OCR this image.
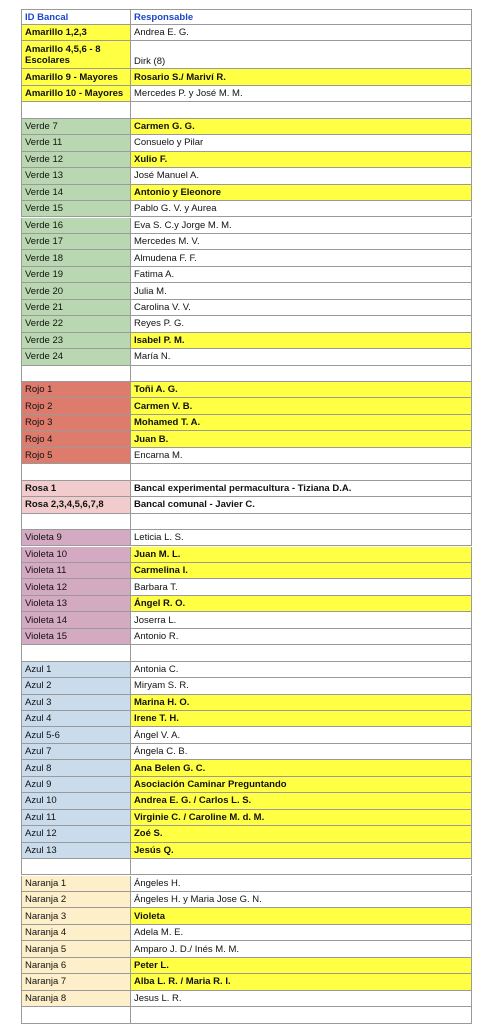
ID Bancal	Responsable
Amarillo 1,2,3	Andrea E. G.
Amarillo 4,5,6 - 8 Escolares	Dirk (8)
Amarillo 9 - Mayores	Rosario S./ Mariví R.
Amarillo 10 - Mayores	Mercedes P. y José M. M.
Verde 7	Carmen G. G.
Verde 11	Consuelo y Pilar
Verde 12	Xulio F.
Verde 13	José Manuel A.
Verde 14	Antonio y Eleonore
Verde 15	Pablo G. V. y Aurea
Verde 16	Eva S. C.y Jorge M. M.
Verde 17	Mercedes M. V.
Verde 18	Almudena F. F.
Verde 19	Fatima A.
Verde 20	Julia M.
Verde 21	Carolina V. V.
Verde 22	Reyes P. G.
Verde 23	Isabel P. M.
Verde 24	María N.
Rojo 1	Toñi A. G.
Rojo 2	Carmen V. B.
Rojo 3	Mohamed T. A.
Rojo 4	Juan B.
Rojo 5	Encarna M.
Rosa 1	Bancal experimental permacultura - Tiziana D.A.
Rosa 2,3,4,5,6,7,8	Bancal comunal - Javier C.
Violeta 9	Leticia L. S.
Violeta 10	Juan M. L.
Violeta 11	Carmelina I.
Violeta 12	Barbara T.
Violeta 13	Ángel R. O.
Violeta 14	Joserra L.
Violeta 15	Antonio R.
Azul 1	Antonia C.
Azul 2	Miryam S. R.
Azul 3	Marina H. O.
Azul 4	Irene T. H.
Azul 5-6	Ángel V. A.
Azul 7	Ángela C. B.
Azul 8	Ana Belen G. C.
Azul 9	Asociación Caminar Preguntando
Azul 10	Andrea E. G. / Carlos L. S.
Azul 11	Virginie C. / Caroline M. d. M.
Azul 12	Zoé S.
Azul 13	Jesús Q.
Naranja 1	Ángeles H.
Naranja 2	Ángeles H. y Maria Jose G. N.
Naranja 3	Violeta
Naranja 4	Adela M. E.
Naranja 5	Amparo J. D./ Inés M. M.
Naranja 6	Peter L.
Naranja 7	Alba L. R. / Maria R. I.
Naranja 8	Jesus L. R.
